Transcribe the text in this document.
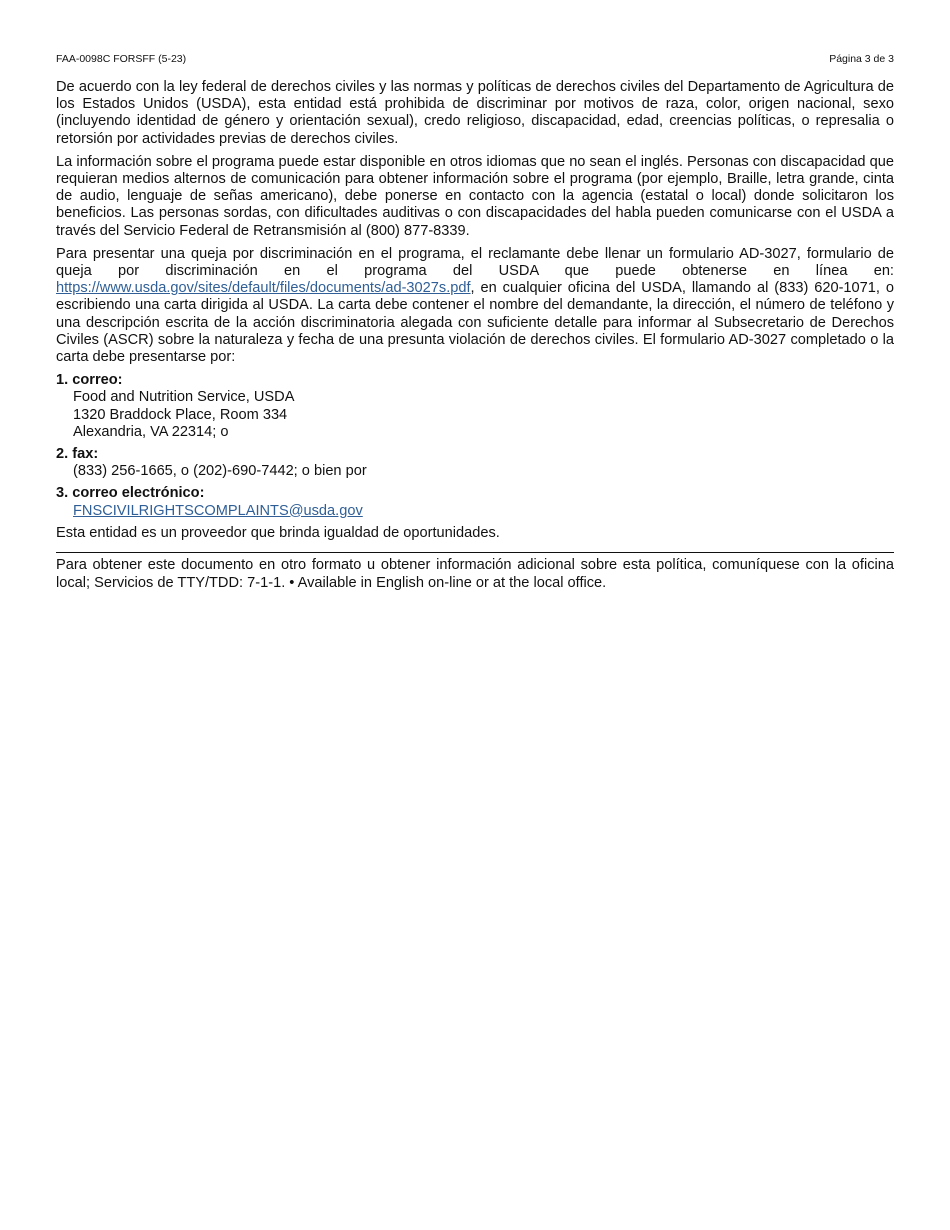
FAA-0098C FORSFF (5-23)	Página 3 de 3

De acuerdo con la ley federal de derechos civiles y las normas y políticas de derechos civiles del Departamento de Agricultura de los Estados Unidos (USDA), esta entidad está prohibida de discriminar por motivos de raza, color, origen nacional, sexo (incluyendo identidad de género y orientación sexual), credo religioso, discapacidad, edad, creencias políticas, o represalia o retorsión por actividades previas de derechos civiles.

La información sobre el programa puede estar disponible en otros idiomas que no sean el inglés. Personas con discapacidad que requieran medios alternos de comunicación para obtener información sobre el programa (por ejemplo, Braille, letra grande, cinta de audio, lenguaje de señas americano), debe ponerse en contacto con la agencia (estatal o local) donde solicitaron los beneficios. Las personas sordas, con dificultades auditivas o con discapacidades del habla pueden comunicarse con el USDA a través del Servicio Federal de Retransmisión al (800) 877-8339.

Para presentar una queja por discriminación en el programa, el reclamante debe llenar un formulario AD-3027, formulario de queja por discriminación en el programa del USDA que puede obtenerse en línea en: https://www.usda.gov/sites/default/files/documents/ad-3027s.pdf, en cualquier oficina del USDA, llamando al (833) 620-1071, o escribiendo una carta dirigida al USDA. La carta debe contener el nombre del demandante, la dirección, el número de teléfono y una descripción escrita de la acción discriminatoria alegada con suficiente detalle para informar al Subsecretario de Derechos Civiles (ASCR) sobre la naturaleza y fecha de una presunta violación de derechos civiles. El formulario AD-3027 completado o la carta debe presentarse por:

1. correo:
Food and Nutrition Service, USDA
1320 Braddock Place, Room 334
Alexandria, VA 22314; o
2. fax:
(833) 256-1665, o (202)-690-7442; o bien por
3. correo electrónico:
FNSCIVILRIGHTSCOMPLAINTS@usda.gov
Esta entidad es un proveedor que brinda igualdad de oportunidades.

Para obtener este documento en otro formato u obtener información adicional sobre esta política, comuníquese con la oficina local; Servicios de TTY/TDD: 7-1-1. • Available in English on-line or at the local office.
